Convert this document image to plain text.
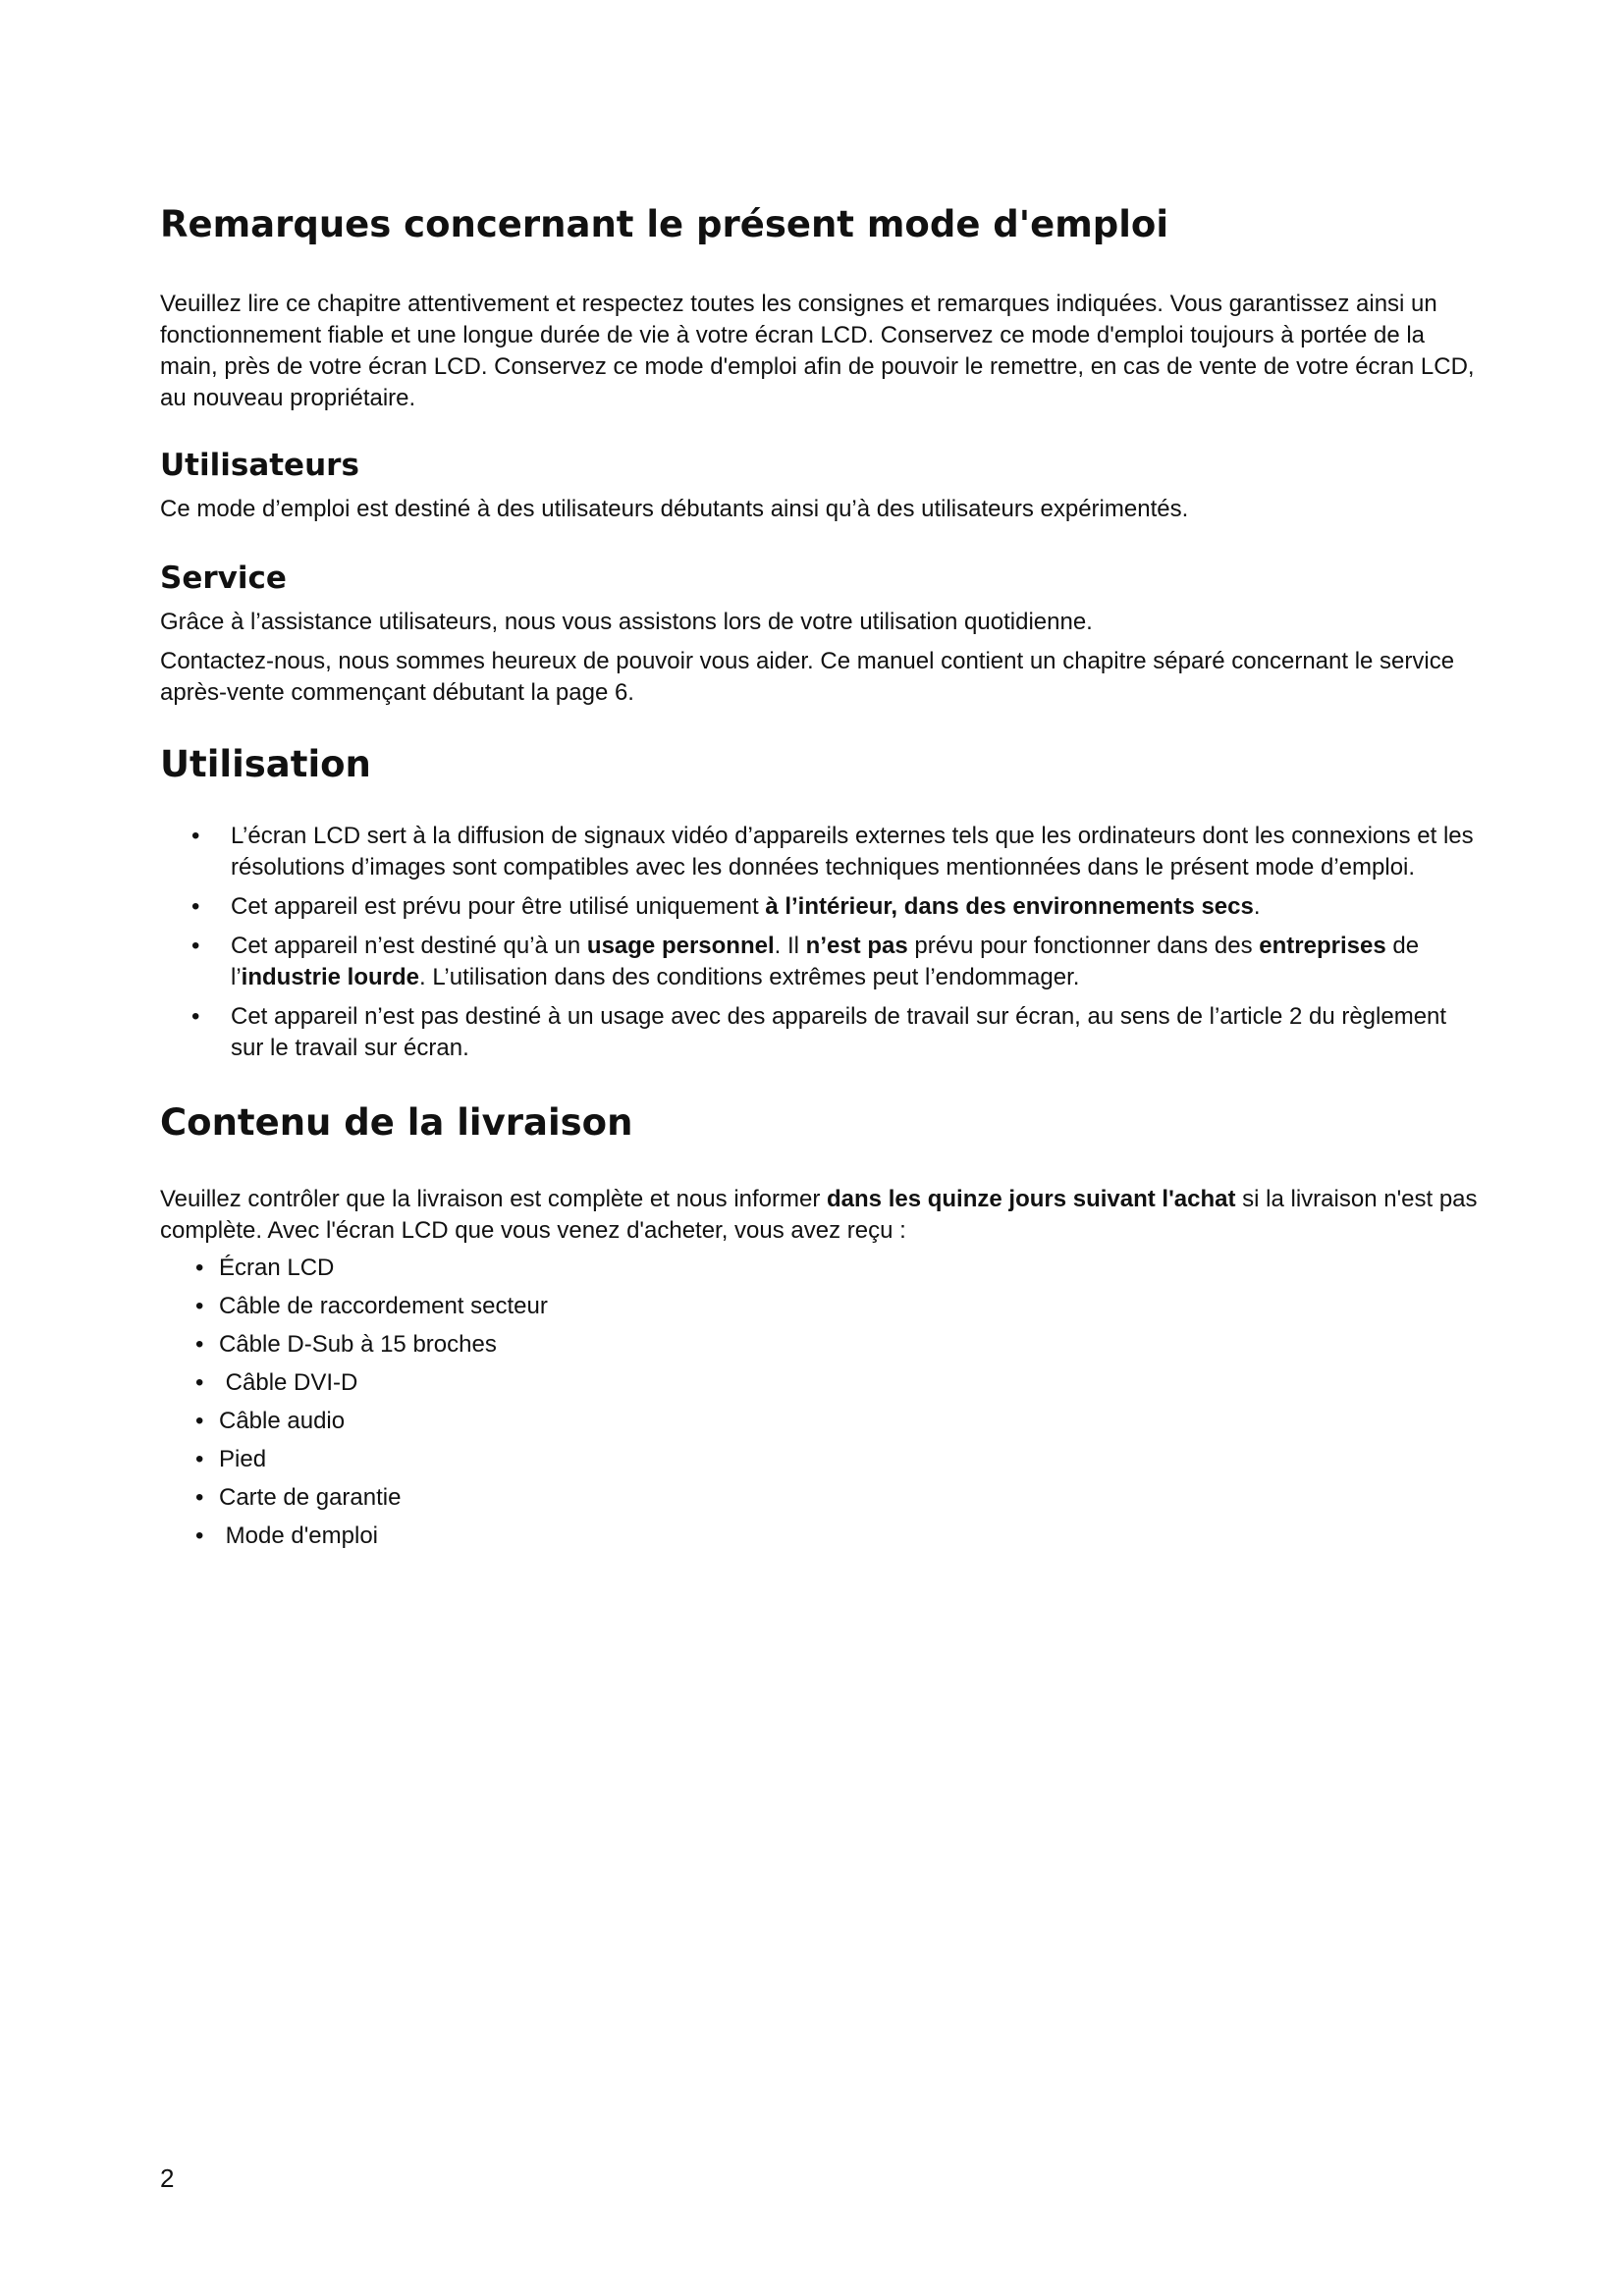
Remarques concernant le présent mode d'emploi

Veuillez lire ce chapitre attentivement et respectez toutes les consignes et remarques indiquées. Vous garantissez ainsi un fonctionnement fiable et une longue durée de vie à votre écran LCD. Conservez ce mode d'emploi toujours à portée de la main, près de votre écran LCD. Conservez ce mode d'emploi afin de pouvoir le remettre, en cas de vente de votre écran LCD, au nouveau propriétaire.

Utilisateurs

Ce mode d’emploi est destiné à des utilisateurs débutants ainsi qu’à des utilisateurs expérimentés.

Service

Grâce à l’assistance utilisateurs, nous vous assistons lors de votre utilisation quotidienne.

Contactez-nous, nous sommes heureux de pouvoir vous aider. Ce manuel contient un chapitre séparé concernant le service après-vente commençant débutant la page 6.

Utilisation
• L’écran LCD sert à la diffusion de signaux vidéo d’appareils externes tels que les ordinateurs dont les connexions et les résolutions d’images sont compatibles avec les données techniques mentionnées dans le présent mode d’emploi.
• Cet appareil est prévu pour être utilisé uniquement à l’intérieur, dans des environnements secs.
• Cet appareil n’est destiné qu’à un usage personnel. Il n’est pas prévu pour fonctionner dans des entreprises de l’industrie lourde. L’utilisation dans des conditions extrêmes peut l’endommager.
• Cet appareil n’est pas destiné à un usage avec des appareils de travail sur écran, au sens de l’article 2 du règlement sur le travail sur écran.
Contenu de la livraison

Veuillez contrôler que la livraison est complète et nous informer dans les quinze jours suivant l'achat si la livraison n'est pas complète. Avec l'écran LCD que vous venez d'acheter, vous avez reçu :

• Écran LCD
• Câble de raccordement secteur
• Câble D-Sub à 15 broches
•  Câble DVI-D
• Câble audio
• Pied
• Carte de garantie
•  Mode d'emploi
2
